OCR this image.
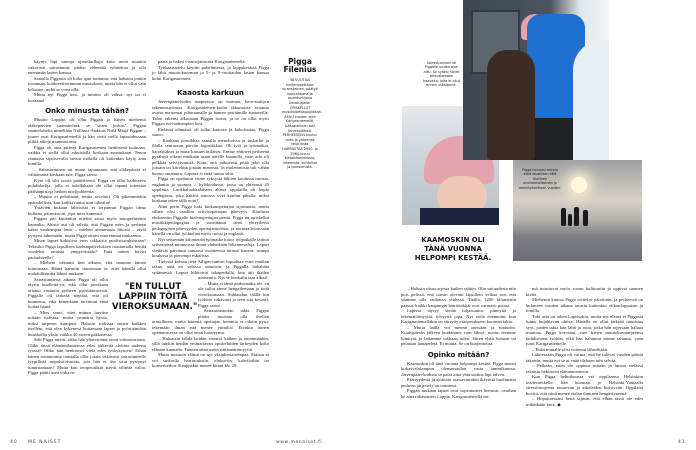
käynyt läpi samoja ajatuskulkuja kuin moni muukin vakavasti sairastunut: pitäisi vähentää työntekoa ja olla enemmän lasten kanssa.

Samalla Piggasta oli koko ajan tuntunut, että haluaisi jonkin isomman, konkreettisemman muutoksen, mutta hän ei ollut vain keksinyt, mikä se voisi olla.

Mutta nyt Pigga tiesi, ja intuitio oli vahva: nyt tai ei koskaan!

Onko minusta tähän?

Muutto Lappiin oli ollut Piggan ja hänen miehensä eläkepäivien suunnitelma, se "sitten joskus". Piggan saamelaiselta nimeltään Niillasai-Ándaras Niilá Máijá Piggan – juuret ovat Karigasniemellä ja hän vietti siellä lapsuudessaan pitkiä aikoja mummolassa.

Pigga oli aina pitänyt Karigasniemeä henkisenä kotinaan, vaikka ei siellä ollut aikuisiällä koskaan asunutkaan. Tenon rannassa sijaitsevalla suvun mökillä oli kuitenkin käyty aina lomilla.

– Sairastuminen sai minut tajuamaan, että eläkepäiviä ei välttämättä koskaan tule, Pigga sanoo.

Kyse oli silti isosta päätöksestä. Pigga on ollut harkitseva pohdiskelija, jolla ei todellakaan ole ollut tapana toteuttaa päähänpistoja hetken mielijohteesta.

– Muutto ei pelottanut, mutta arvelutti. Oli pikemminkin epätodellista, kun kaikki tuntui niin oikealta!

Ystävien kukaan läheisistä ei torpannut Piggan ideaa hulluna, päinvastoin, jopa mies kannusti.

Piggan piti kuitenkin miettiä asiaa myös muuperheensä kannalta. Alusta asti oli selvää, että Piggan mies ja perheen kaksi vanhempaa lasta – miehen aiemmasta liitosta – eivät pystyisi lähtemään, mutta Pigga ottaisi nuoremmat mukaansa.

Miten lapset kokisivat eron rakkaista puolisisaruksistaan? Tekisikö Pigga lapsilleen karhunpalveluksen raastamalla heidät vuodeksi tutuista ympyröistään? Entä miten kävisi parisuhteelle?

– Mieheni vakuutti heti alkuun, että saamme tämän toimimaan. Häntä harmitti sinnastaan se, ettei hänellä ollut mahdollisuutta lähteä mukaan.

Sairastumansa aikana Pigga oli ollut täysin huolletta-va, eikä ollut juurikaan ottanut vastuuta perheen pyörittämisestä. Piggalle oli tärkeää näyttää, että oli kunnossa, eikä kenenkään tarvinnut enää hoitaa häntä.

– Mies sanoi, ettei minun tarvitse mitään todistaa, mutta ymmärsi hyvin, miksi tarpeeni kumpusi. Halusin todistaa ennen kaikkea itselleni, että olen kykenevä hoitamaan lapset ja pyörittämään huushollia yksin vaikka 40 asteen pakkasessa.

Silti Pigga mietti, oliko hän yliarvioinut omat voimavaransa. Oliko tässä elämäntilanteessa edes järkevää aloittaa uudessa työssä? Oliko hän henkisesti vielä edes työkykyinen? Eihän hänen toimintansa taustalla ollut jotain vakavasti sairastuneelle tyypillistä impulsiivisuutta, jota hän ei itse vain pystynyt tunnistamaan? Mutta kun terapeuttikin näytti vihreää valoa, Pigga päätti asea virkava-

paata ja hakea viransijaisuutta Karigasniemeltä.

Työhaastattelu käytiin puhelimessa, ja loppukesästä Pigga jo lähti muuttokuorman ja 5- ja 8-vuotiaiden lasten kanssa kohti Karigasniemeä.

Kaaosta karkuun

Järvenpään-kodin naapurissa on harmaa, kerrostalojen rakennustyömaa. Karigasniemen-kodin ikkunoista avautuu avarat maisemat pihasaunalle ja hamen peritämille tuntureille. Talon rakensi aikoinaan Piggan isoisä, ja se on ollut myös Piggan isovanhempien koti.

Etelässä elämästä oli tullut kaaosta ja kakofoniaa, Pigga sanoo.

– Kaukana poruikkaa samalla menohoissa ja tuskailin ja illalla seuraavan päivän logistiikkaa. Oli työt ja työmatkat, harrastukset ja muut kiusanvirtiläiset. Emme ehtineet perheenä pysähtyä oikein minkään asian äärelle kunnolla, vaan arki oli pelkkää selviytymistä. Koin, että jatkuvasti pitää joko olla jossain tai kiirehtiä jostain menosta. Ja molemmista tuli vähän huono omatunto. Lapissa ei enää tunnu siltä.

Pigga on opettanut viime syksystä lähtien koulussa ruotsia, englantia ja suomea – kyläkoulussa, jossa on yhteensä 45 oppilasta. Luokkaluokkalaisten alussa oppilailla oli hupia opettajassa, joka hakitsi autonsa ovet koulun pihalla: miksi koskaan tekee tällä noin?

Alun perin Pigga haki luokanopettajan sijaisuutta, mutta siihen olisi vaadittu erityisopettajan pätevyys. Koulusta ehdotettiin Piggalle kielenopettajan pestiä. Pigga on opiskellut musiikkipedagogiaa ja suorittanut siinä yhteydessä pedagogisen pätevyyden opettajantyöhön, ja normaalivirassaan hänellä on ollut työkielinä myös ruotsi ja englanti.

Nyt seitsemän kilometrin työmatka kotoa työpaikalle taittuu seitsemässä minuutissa ilman yhdenkään liikennevaloja. Lapset viettävät päivänsä samassa osoitteessa äitinsä kanssa: isompi koulussa ja pienempi eskarissa.

Tietyssä kohtaa tietä Ailigas-tunturi tupsahtaa esiin mutkan takaa, aina eri valossa samoisin, ja Piggalla läikähtää sydämessä. Lapset hihittävät takapenkillä, kun äiti ihailee maisemia. Nyt se huokailu taas alkaa!

– Mutta ei tämä paikomatka ole, en ole tullut tänne hengailemaan ja töitä vieroksumaan. Suhtaudun täällä kin työhöni vakavasti ja teen sitä kovasti, Pigga sanoo.

Sairaushistorian takia Piggan pitäisi muistaa olla itsellen armollinen, mutta hänestä opettajan hommia ei oikein pysty tekemään ilman että menee ytimiksi. Etenkin toinen opettamisessa on ollut omat haasteensa.

– Haluaisin tehdä heidän eteensä kaiken ja enemmänkin, sillä tahdon heidän ymmärtävän opiskeluiden tärkeyden koko elämän kannalta. Tunnen siinä usein riittämättömyyttä.

Mutta muutoin elämä on nyt yksinkertaisempaa. Etäisin ei voi sinkoilla harrastuksiin, elokuviin, kahviloihin tai konsertteihin. Kauppakin menee kiinni klo 20.

"EN TULLUT LAPPIIN TÖITÄ VIEROKSUMAAN."
Pigga Filenius
38-VUOTIAS kieltenopettajan viransijainen, päätyö kouluttajana ja asiantuntijana ilmailualalla. OPISKELLUT musiikkipedagogiikkaa. ASUU vuoden ajan Karigasniemellä, pääasiallinen koti Järvenpäässä. PERHEESEEN kuuluu mies ja yhteensä neljä lasta. HARRASTAA 2950- ja 2960-luvun klassikkoelokuvia, lukemista, kuntoilua ja juoksemista.
40 ME NAISET	www.menaiset.fi
Sairastuminen oli Piggalle uuden ajan alku. Se syöksi hänet toteuttamaan haaveita, joita ei ollut ennen uskaltanut.
Pigga haluaisi tarjota sekä lapsilleen että itselleen unohtumattoman ja merkityksellisen vuoden.
KAAMOSKIN OLI TÄNÄ VUONNA HELPOMPI KESTÄÄ.

– Halusin riisua arjesta kaiken säätön. Olin sairaudesta niin pois pelissä, että tunsin olevani lapsilleni velkaa sen, että saamme olla rauhassa yhdessä. Täällä, 1200 kilometrin päässä, kaikki kaupungin häiriötekijät ovat varmasti poissa.

Lapissa täytyy sietää hiljaisuutta, pimeyttä ja tekemättömyyttä, tylsyyttä jopa. Nyt vielä enemmän, kun Karigasniemelläkin on siirrytty etäopetukseen koronan takia.

– Mutta täällä voi mennä metsään ja tunturiin. Koulupäivän jälkeen hoidamme vain läksyt, ruoan, teemme lumityöt ja laitamme takkaan tulen. Sitten ehkä luetaan tai pelataan lautapelejä. Ei muuta. Se on huojentavaa.

Opinko mitään?

Kaamoskin oli tänä vuonna helpompi kestää. Pigga muisti kirkasvalolampun olemassaolon vasta tammikuussa. Järvenpään-kodissa se paloi aina yhtä soittoa läpi talven.

Etäisyydestä ja ajoittain raastavastakin ikävästä huolimatta perheen järjestely on toiminut.

Piggan mukaan lapset ovat sopeutuneet hienosti, ovathan he aina rakastaneet Lappia. Karigasniemellä nä-

mä tutustuvat myös suvun kulttuuriin ja oppivat saamen kieltä.

Miehensä kanssa Pigga soittelee päivittäin, ja perheessä on kuluneen vuoden aikana tavattu kuitenkin viikonloppuisin ja lomilla.

Toki arki on arkea Lapissakin, mutta nyt elämä ei Piggasta tunnu hujahtavan ohitse. Hänelle on ollut tärkeää tunnistaa syyt, joiden takia hän lähti ja asiat, jotka hän arjessaan haluaa muuttaa. Pigga korostaa, ettei hänen muutoksentarpeensa kohdistunut työhön, eikä hän halunnut minne tahansa, vaan juuri Karigasniemelle.

– Enkä munalle olisi voitenut lähteäkään.

Lähtiessään Pigga oli varma, että he tulevat vuoden päästä takaisin, mutta nyt se ei enää olekaan niin selvää.

– Pelkään, etten ole oppinut mitään ja luisun etelässä takaisin hektiseen elämänmenoon.

Kun Pigga helmikuussa vei oppilaansa Helsinkiin teatteriretkelle, hän huomasi jo Helsinki-Vantaalla stressitasojensa nousevan ja askeleiden kiristyvän. Oppilaita huvitti, että siinä menee etelän ihminen hengästyneenä.

– Hoputtaessani heitä tajusin, että eihän tässä ole edes mihinkään kiire. ◆

41
